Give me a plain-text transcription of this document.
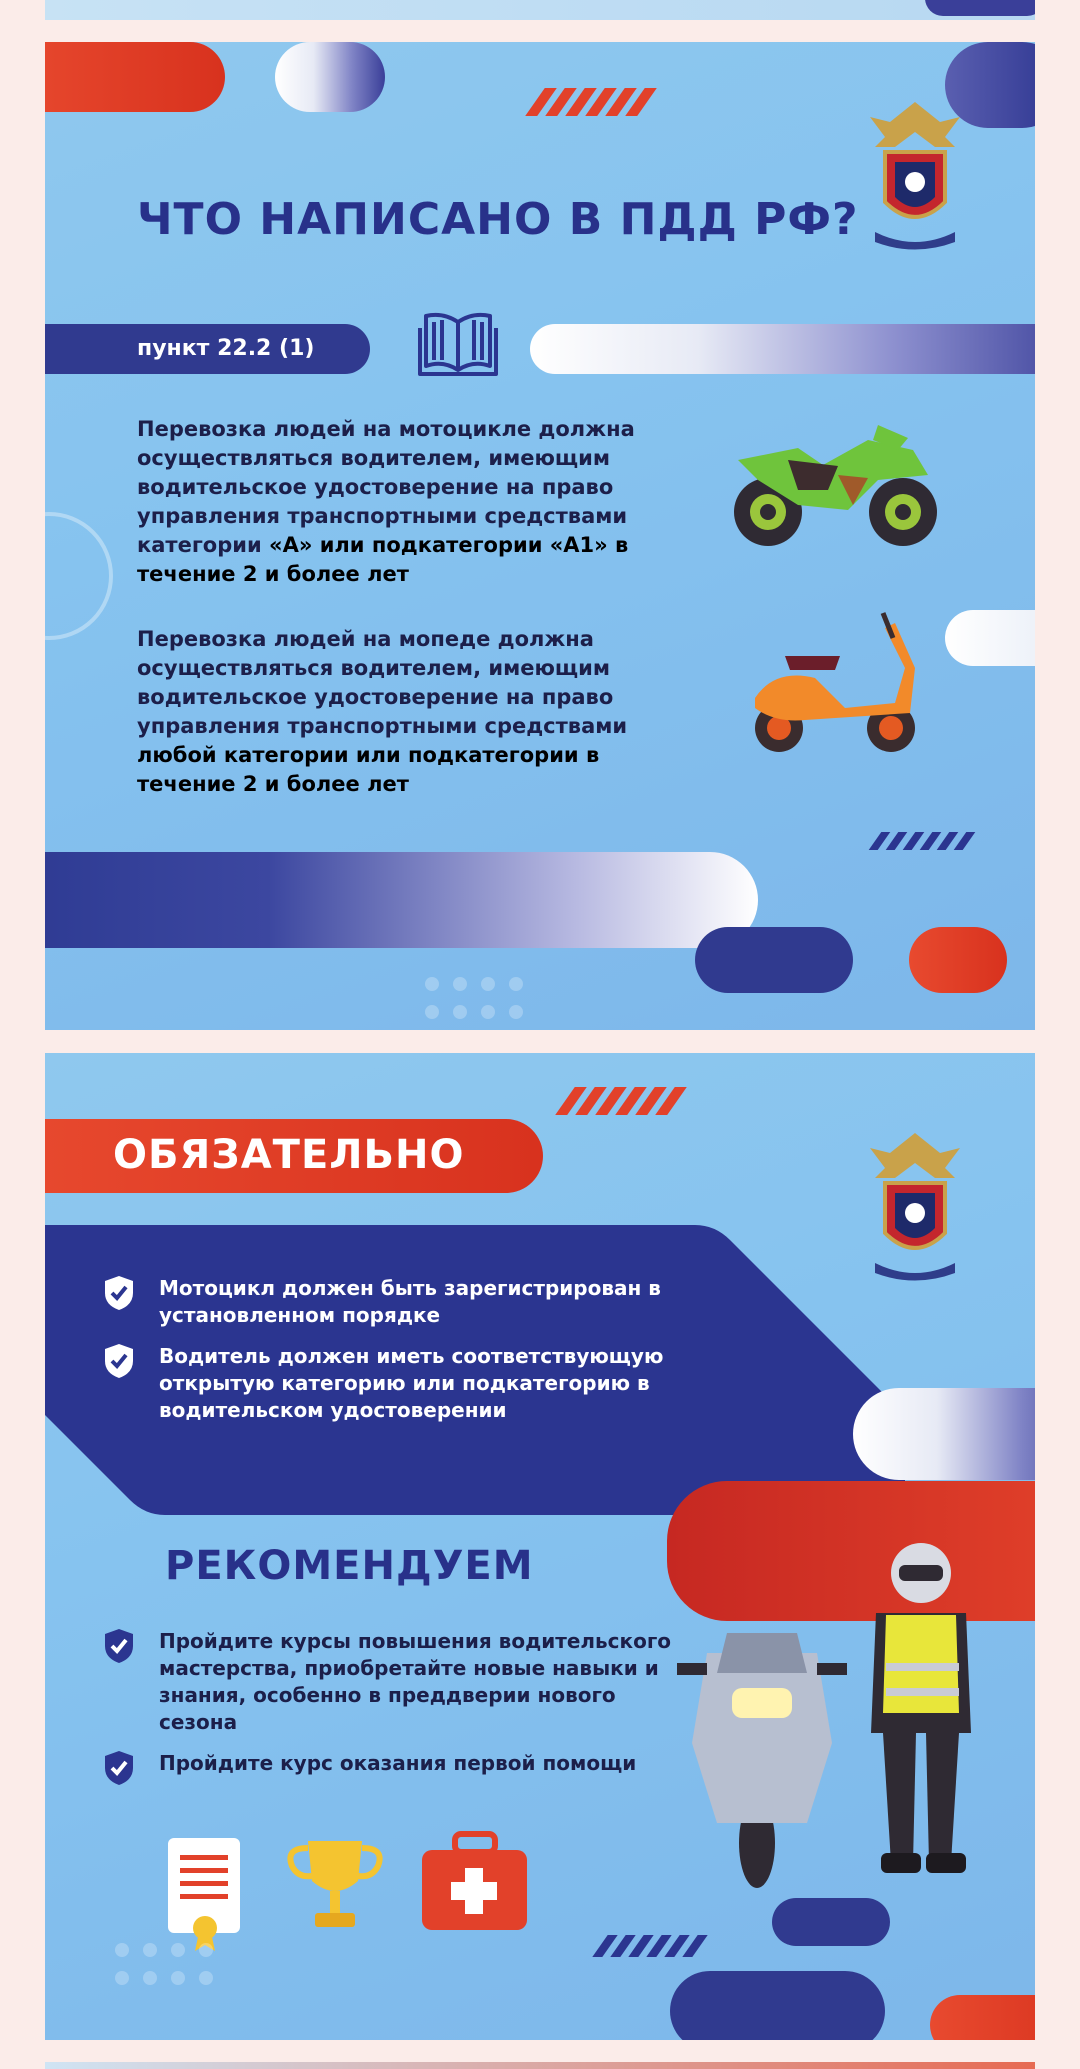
ЧТО НАПИСАНО В ПДД РФ?
пункт 22.2 (1)
Перевозка людей на мотоцикле должна осуществляться водителем, имеющим водительское удостоверение на право управления транспортными средствами категории «А» или подкатегории «А1» в течение 2 и более лет
Перевозка людей на мопеде должна осуществляться водителем, имеющим водительское удостоверение на право управления транспортными средствами любой категории или подкатегории в течение 2 и более лет
ОБЯЗАТЕЛЬНО
Мотоцикл должен быть зарегистрирован в установленном порядке
Водитель должен иметь соответствующую открытую категорию или подкатегорию в водительском удостоверении
РЕКОМЕНДУЕМ
Пройдите курсы повышения водительского мастерства, приобретайте новые навыки и знания, особенно в преддверии нового сезона
Пройдите курс оказания первой помощи
